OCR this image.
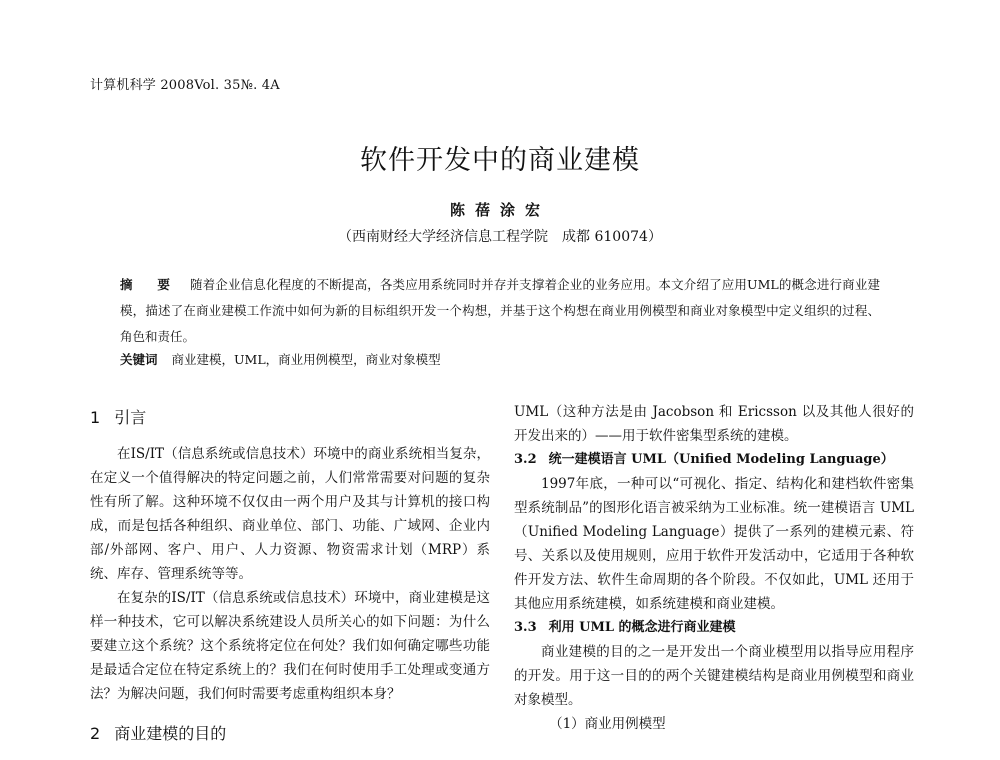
计算机科学 2008Vol. 35№. 4A
软件开发中的商业建模
陈蓓涂宏
（西南财经大学经济信息工程学院　成都 610074）

摘　要 随着企业信息化程度的不断提高，各类应用系统同时并存并支撑着企业的业务应用。本文介绍了应用UML的概念进行商业建模，描述了在商业建模工作流中如何为新的目标组织开发一个构想，并基于这个构想在商业用例模型和商业对象模型中定义组织的过程、角色和责任。

关键词 商业建模，UML，商业用例模型，商业对象模型
1 引言

在IS/IT（信息系统或信息技术）环境中的商业系统相当复杂，在定义一个值得解决的特定问题之前，人们常常需要对问题的复杂性有所了解。这种环境不仅仅由一两个用户及其与计算机的接口构成，而是包括各种组织、商业单位、部门、功能、广域网、企业内部/外部网、客户、用户、人力资源、物资需求计划（MRP）系统、库存、管理系统等等。

在复杂的IS/IT（信息系统或信息技术）环境中，商业建模是这样一种技术，它可以解决系统建设人员所关心的如下问题：为什么要建立这个系统？这个系统将定位在何处？我们如何确定哪些功能是最适合定位在特定系统上的？我们在何时使用手工处理或变通方法？为解决问题，我们何时需要考虑重构组织本身？

2 商业建模的目的

UML（这种方法是由 Jacobson 和 Ericsson 以及其他人很好的开发出来的）——用于软件密集型系统的建模。

3.2 统一建模语言 UML（Unified Modeling Language）

1997年底，一种可以“可视化、指定、结构化和建档软件密集型系统制品”的图形化语言被采纳为工业标准。统一建模语言 UML（Unified Modeling Language）提供了一系列的建模元素、符号、关系以及使用规则，应用于软件开发活动中，它适用于各种软件开发方法、软件生命周期的各个阶段。不仅如此，UML 还用于其他应用系统建模，如系统建模和商业建模。

3.3 利用 UML 的概念进行商业建模

商业建模的目的之一是开发出一个商业模型用以指导应用程序的开发。用于这一目的的两个关键建模结构是商业用例模型和商业对象模型。

（1）商业用例模型
